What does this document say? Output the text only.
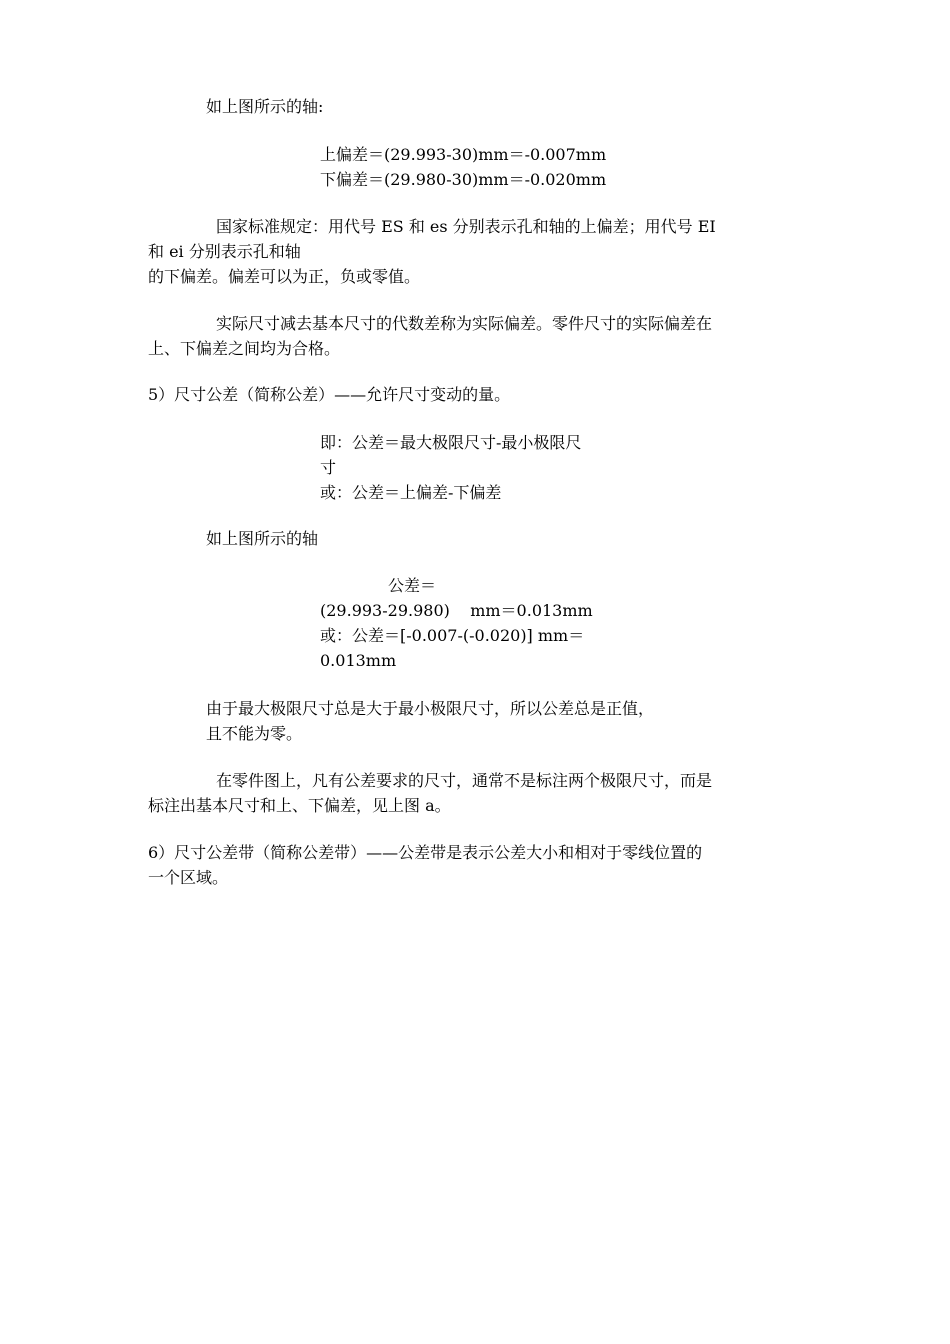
如上图所示的轴:
上偏差＝(29.993-30)mm＝-0.007mm
下偏差＝(29.980-30)mm＝-0.020mm
国家标准规定：用代号 ES 和 es 分别表示孔和轴的上偏差；用代号 EI
和 ei 分别表示孔和轴
的下偏差。偏差可以为正，负或零值。
实际尺寸减去基本尺寸的代数差称为实际偏差。零件尺寸的实际偏差在
上、下偏差之间均为合格。
5）尺寸公差（简称公差）——允许尺寸变动的量。
即：公差＝最大极限尺寸-最小极限尺
寸
或：公差＝上偏差-下偏差
如上图所示的轴
公差＝
(29.993-29.980)    mm＝0.013mm
或：公差＝[-0.007-(-0.020)] mm＝
0.013mm
由于最大极限尺寸总是大于最小极限尺寸，所以公差总是正值，
且不能为零。
在零件图上，凡有公差要求的尺寸，通常不是标注两个极限尺寸，而是
标注出基本尺寸和上、下偏差，见上图 a。
6）尺寸公差带（简称公差带）——公差带是表示公差大小和相对于零线位置的
一个区域。
